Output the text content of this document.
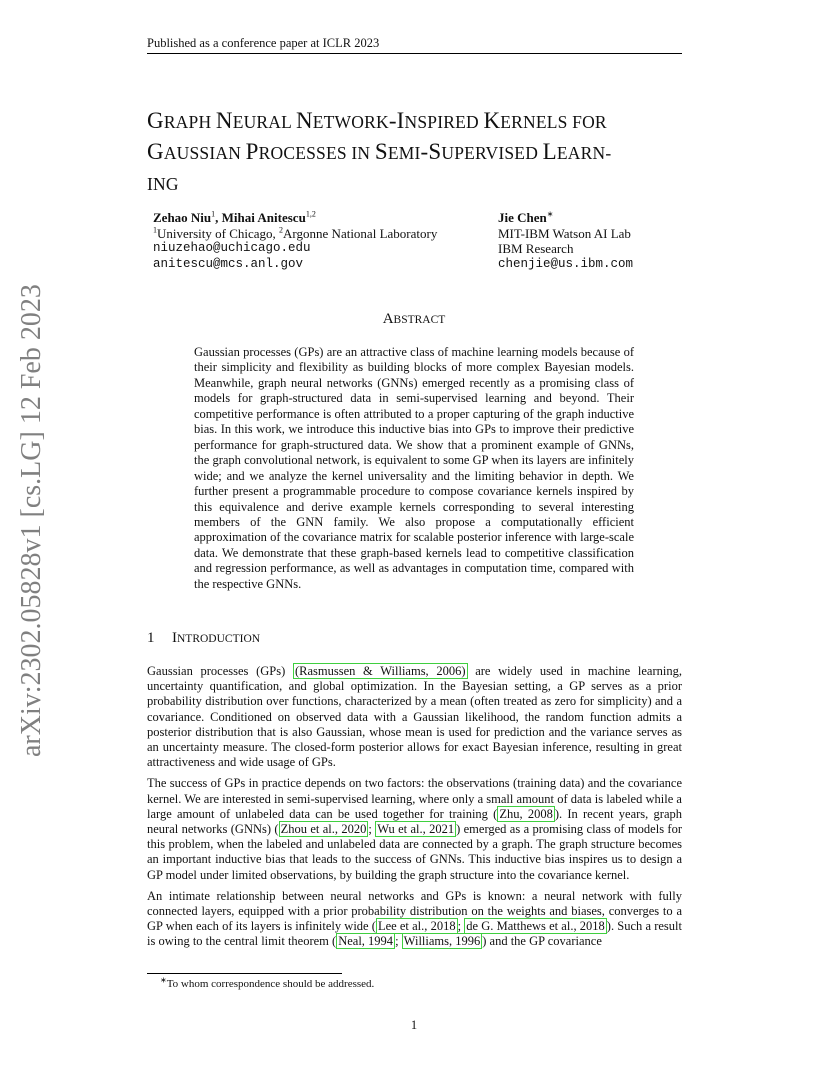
Published as a conference paper at ICLR 2023
GRAPH NEURAL NETWORK-INSPIRED KERNELS FOR
GAUSSIAN PROCESSES IN SEMI-SUPERVISED LEARN-
ING
Zehao Niu$^1$, Mihai Anitescu$^{1,2}$
$^1$University of Chicago, $^2$Argonne National Laboratory
niuzehao@uchicago.edu
anitescu@mcs.anl.gov
Jie Chen∗
MIT-IBM Watson AI Lab
IBM Research
chenjie@us.ibm.com
arXiv:2302.05828v1 [cs.LG] 12 Feb 2023	ABSTRACT

Gaussian processes (GPs) are an attractive class of machine learning models because of their simplicity and flexibility as building blocks of more complex Bayesian models. Meanwhile, graph neural networks (GNNs) emerged recently as a promising class of models for graph-structured data in semi-supervised learning and beyond. Their competitive performance is often attributed to a proper capturing of the graph inductive bias. In this work, we introduce this inductive bias into GPs to improve their predictive performance for graph-structured data. We show that a prominent example of GNNs, the graph convolutional network, is equivalent to some GP when its layers are infinitely wide; and we analyze the kernel universality and the limiting behavior in depth. We further present a programmable procedure to compose covariance kernels inspired by this equivalence and derive example kernels corresponding to several interesting members of the GNN family. We also propose a computationally efficient approximation of the covariance matrix for scalable posterior inference with large-scale data. We demonstrate that these graph-based kernels lead to competitive classification and regression performance, as well as advantages in computation time, compared with the respective GNNs.

1 INTRODUCTION

Gaussian processes (GPs) (Rasmussen & Williams, 2006) are widely used in machine learning, uncertainty quantification, and global optimization. In the Bayesian setting, a GP serves as a prior probability distribution over functions, characterized by a mean (often treated as zero for simplicity) and a covariance. Conditioned on observed data with a Gaussian likelihood, the random function admits a posterior distribution that is also Gaussian, whose mean is used for prediction and the variance serves as an uncertainty measure. The closed-form posterior allows for exact Bayesian inference, resulting in great attractiveness and wide usage of GPs.

The success of GPs in practice depends on two factors: the observations (training data) and the covariance kernel. We are interested in semi-supervised learning, where only a small amount of data is labeled while a large amount of unlabeled data can be used together for training ( Zhu, 2008 ). In recent years, graph neural networks (GNNs) ( Zhou et al., 2020 ; Wu et al., 2021 ) emerged as a promising class of models for this problem, when the labeled and unlabeled data are connected by a graph. The graph structure becomes an important inductive bias that leads to the success of GNNs. This inductive bias inspires us to design a GP model under limited observations, by building the graph structure into the covariance kernel.

An intimate relationship between neural networks and GPs is known: a neural network with fully connected layers, equipped with a prior probability distribution on the weights and biases, converges to a GP when each of its layers is infinitely wide ( Lee et al., 2018 ; de G. Matthews et al., 2018 ). Such a result is owing to the central limit theorem ( Neal, 1994 ; Williams, 1996 ) and the GP covariance

∗To whom correspondence should be addressed.
1
